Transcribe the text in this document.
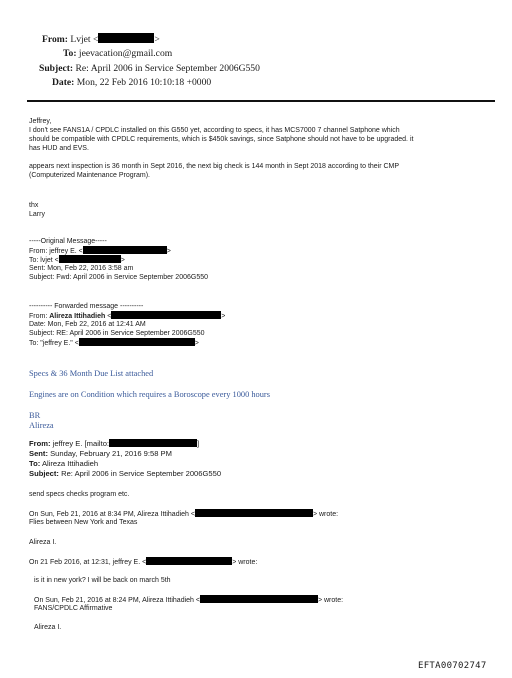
From: Lvjet <	>
To: jeevacation@gmail.com
Subject: Re: April 2006 in Service September 2006G550
Date: Mon, 22 Feb 2016 10:10:18 +0000
Jeffrey,
I don't see FANS1A / CPDLC installed on this G550 yet, according to specs, it has MCS7000 7 channel Satphone which
should be compatible with CPDLC requirements, which is $450k savings, since Satphone should not have to be upgraded. it
has HUD and EVS.
appears next inspection is 36 month in Sept 2016, the next big check is 144 month in Sept 2018 according to their CMP
(Computerized Maintenance Program).
thx
Larry
-----Original Message-----
From: jeffrey E. <	>
To: lvjet <	>
Sent: Mon, Feb 22, 2016 3:58 am
Subject: Fwd: April 2006 in Service September 2006G550
---------- Forwarded message ----------
From: Alireza Ittihadieh <	>
Date: Mon, Feb 22, 2016 at 12:41 AM
Subject: RE: April 2006 in Service September 2006G550
To: "jeffrey E." <	>
Specs & 36 Month Due List attached
Engines are on Condition which requires a Boroscope every 1000 hours
BR
Alireza
From: jeffrey E. [mailto:	]
Sent: Sunday, February 21, 2016 9:58 PM
To: Alireza Ittihadieh
Subject: Re: April 2006 in Service September 2006G550
send specs checks program etc.
On Sun, Feb 21, 2016 at 8:34 PM, Alireza Ittihadieh <	> wrote:
Flies between New York and Texas
Alireza I.
On 21 Feb 2016, at 12:31, jeffrey E. <	> wrote:
is it in new york? I will be back on march 5th
On Sun, Feb 21, 2016 at 8:24 PM, Alireza Ittihadieh <	> wrote:
FANS/CPDLC Affirmative
Alireza I.
EFTA00702747
